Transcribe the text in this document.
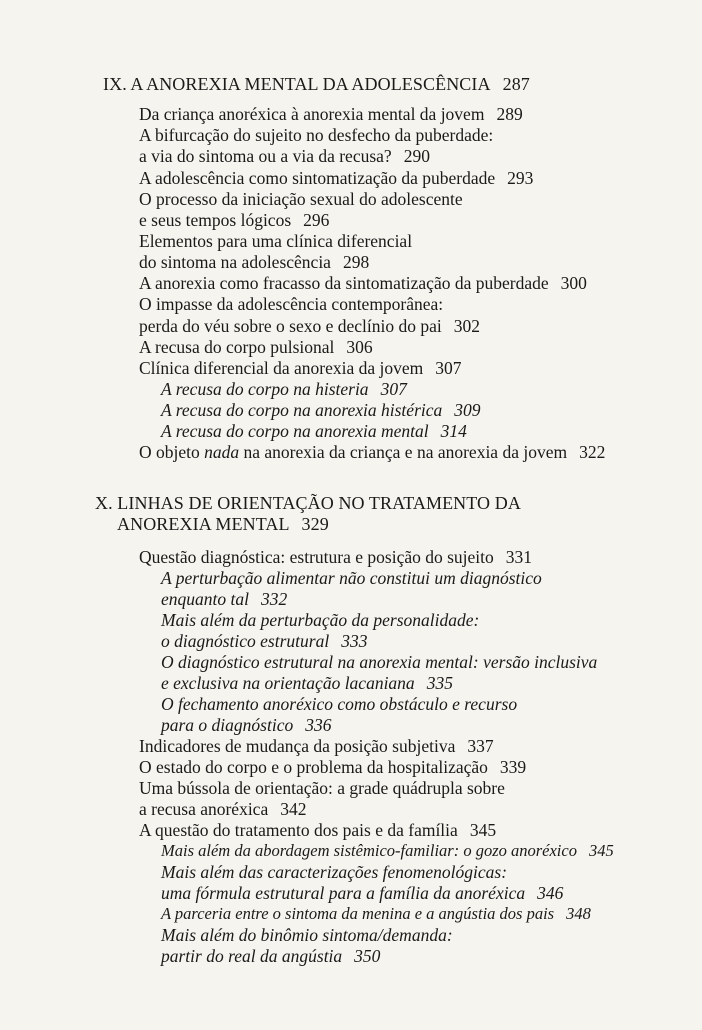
IX. A ANOREXIA MENTAL DA ADOLESCÊNCIA 287
Da criança anoréxica à anorexia mental da jovem 289
A bifurcação do sujeito no desfecho da puberdade:
a via do sintoma ou a via da recusa? 290
A adolescência como sintomatização da puberdade 293
O processo da iniciação sexual do adolescente
e seus tempos lógicos 296
Elementos para uma clínica diferencial
do sintoma na adolescência 298
A anorexia como fracasso da sintomatização da puberdade 300
O impasse da adolescência contemporânea:
perda do véu sobre o sexo e declínio do pai 302
A recusa do corpo pulsional 306
Clínica diferencial da anorexia da jovem 307
A recusa do corpo na histeria 307
A recusa do corpo na anorexia histérica 309
A recusa do corpo na anorexia mental 314
O objeto nada na anorexia da criança e na anorexia da jovem 322
X. LINHAS DE ORIENTAÇÃO NO TRATAMENTO DA
ANOREXIA MENTAL 329
Questão diagnóstica: estrutura e posição do sujeito 331
A perturbação alimentar não constitui um diagnóstico
enquanto tal 332
Mais além da perturbação da personalidade:
o diagnóstico estrutural 333
O diagnóstico estrutural na anorexia mental: versão inclusiva
e exclusiva na orientação lacaniana 335
O fechamento anoréxico como obstáculo e recurso
para o diagnóstico 336
Indicadores de mudança da posição subjetiva 337
O estado do corpo e o problema da hospitalização 339
Uma bússola de orientação: a grade quádrupla sobre
a recusa anoréxica 342
A questão do tratamento dos pais e da família 345
Mais além da abordagem sistêmico-familiar: o gozo anoréxico 345
Mais além das caracterizações fenomenológicas:
uma fórmula estrutural para a família da anoréxica 346
A parceria entre o sintoma da menina e a angústia dos pais 348
Mais além do binômio sintoma/demanda:
partir do real da angústia 350
